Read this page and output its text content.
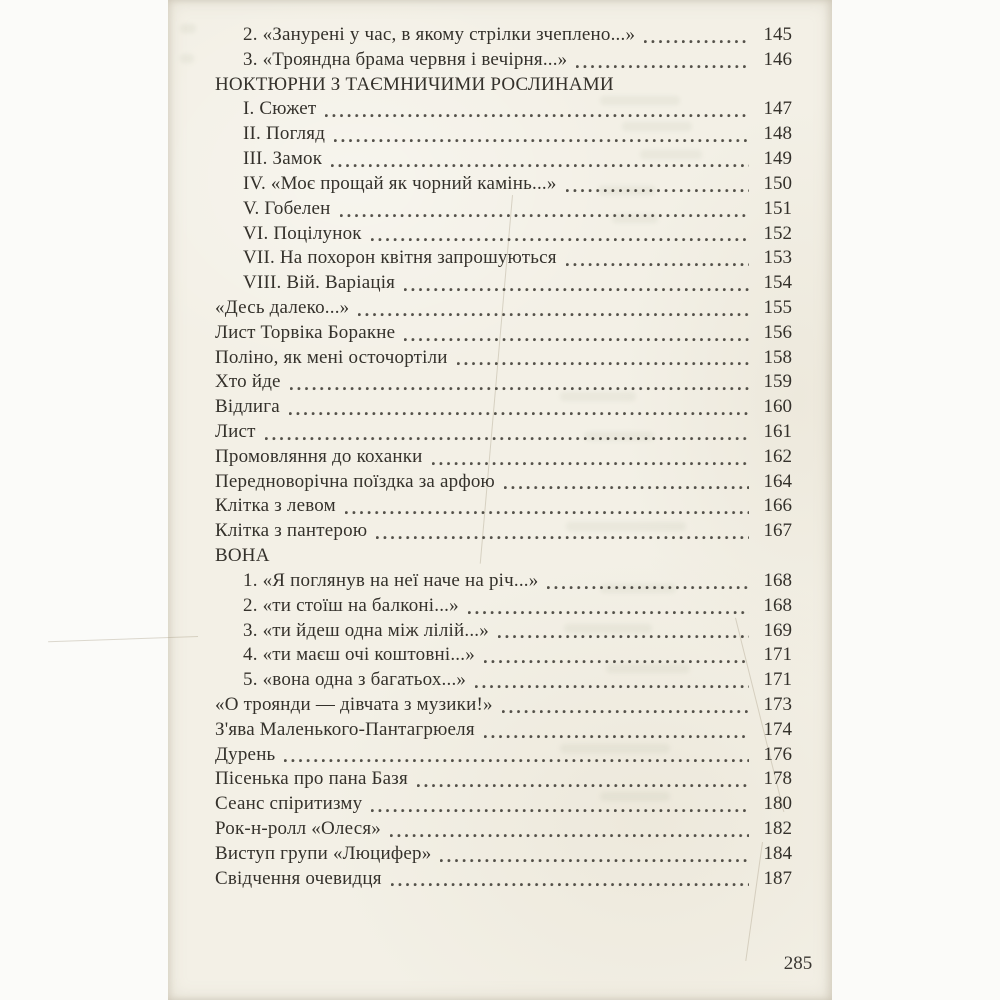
2. «Занурені у час, в якому стрілки зчеплено...»	145
3. «Трояндна брама червня і вечірня...»	146
НОКТЮРНИ З ТАЄМНИЧИМИ РОСЛИНАМИ
I. Сюжет	147
II. Погляд	148
III. Замок	149
IV. «Моє прощай як чорний камінь...»	150
V. Гобелен	151
VI. Поцілунок	152
VII. На похорон квітня запрошуються	153
VIII. Вій. Варіація	154
«Десь далеко...»	155
Лист Торвіка Боракне	156
Поліно, як мені осточортіли	158
Хто йде	159
Відлига	160
Лист	161
Промовляння до коханки	162
Передноворічна поїздка за арфою	164
Клітка з левом	166
Клітка з пантерою	167
ВОНА
1. «Я поглянув на неї наче на річ...»	168
2. «ти стоїш на балконі...»	168
3. «ти йдеш одна між лілій...»	169
4. «ти маєш очі коштовні...»	171
5. «вона одна з багатьох...»	171
«О троянди — дівчата з музики!»	173
З'ява Маленького-Пантагрюеля	174
Дурень	176
Пісенька про пана Базя	178
Сеанс спіритизму	180
Рок-н-ролл «Олеся»	182
Виступ групи «Люцифер»	184
Свідчення очевидця	187
285
